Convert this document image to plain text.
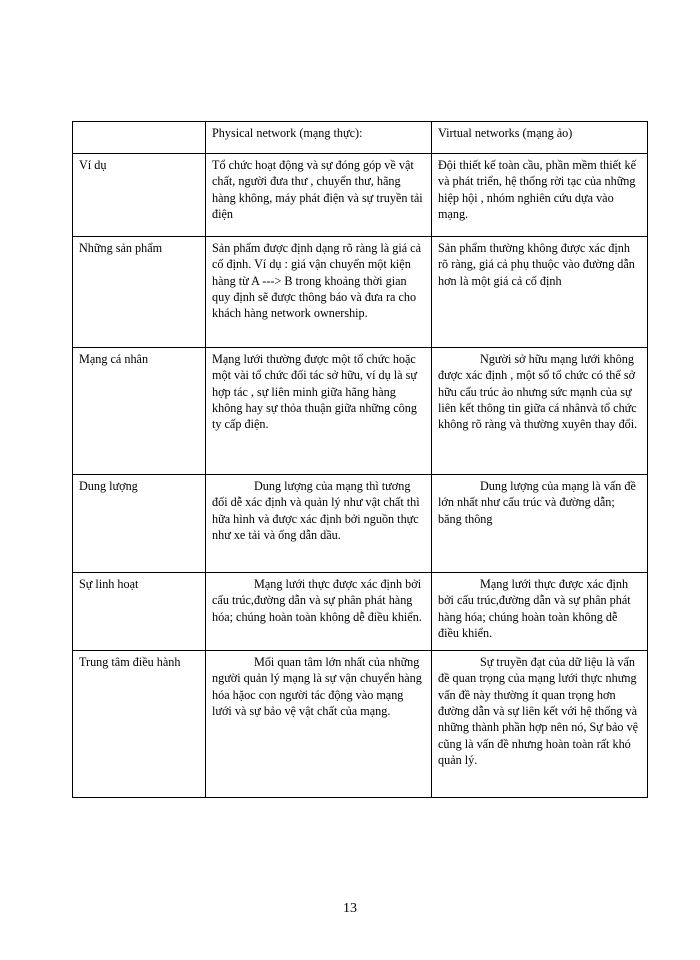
	Physical network (mạng thực):	Virtual networks (mạng ảo)
Ví dụ	Tổ chức hoạt động và sự đóng góp về vật chất, người đưa thư , chuyển thư, hãng hàng không, máy phát điện và sự truyền tải điện	Đội thiết kế toàn cầu, phần mềm thiết kế và phát triển, hệ thống rời tạc của những hiệp hội , nhóm nghiên cứu dựa vào mạng.
Những sản phẩm	Sản phẩm được định dạng rõ ràng là giá cả cố định. Ví dụ : giá vận chuyển một kiện hàng từ A ---> B trong khoảng thời gian quy định sẽ được thông báo và đưa ra cho khách hàng network ownership.	Sản phẩm thường không được xác định rõ ràng, giá cả phụ thuộc vào đường dẫn hơn là một giá cả cố định
Mạng cá nhân	Mạng lưới thường được một tổ chức hoặc một vài tổ chức đối tác sở hữu, ví dụ là sự hợp tác , sự liên minh giữa hãng hàng không hay sự thỏa thuận giữa những công ty cấp điện.	Người sở hữu mạng lưới không được xác định , một số tổ chức có thể sở hữu cấu trúc ảo nhưng sức mạnh của sự liên kết thông tin giữa cá nhânvà tổ chức không rõ ràng và thường xuyên thay đổi.
Dung lượng	Dung lượng của mạng thì tương đối dễ xác định và quản lý như vật chất thì hữa hình và được xác định bởi nguồn thực như xe tải và ống dẫn dầu.	Dung lượng của mạng là vấn đề lớn nhất như cấu trúc và đường dẫn; băng thông
Sự linh hoạt	Mạng lưới thực được xác định bởi cấu trúc,đường dẫn và sự phân phát hàng hóa; chúng hoàn toàn không dễ điều khiển.	Mạng lưới thực được xác định bởi cấu trúc,đường dẫn và sự phân phát hàng hóa; chúng hoàn toàn không dễ điều khiển.
Trung tâm điều hành	Mối quan tâm lớn nhất của những người quản lý mạng là sự vận chuyển hàng hóa hặoc con người tác động vào mạng lưới và sự bảo vệ vật chất của mạng.	Sự truyền đạt của dữ liệu là vấn đề quan trọng của mạng lưới thực nhưng vấn đề này thường ít quan trọng hơn đường dẫn và sự liên kết với hệ thống và những thành phần hợp nên nó, Sự bảo vệ cũng là vấn đề nhưng hoàn toàn rất khó quản lý.
13
